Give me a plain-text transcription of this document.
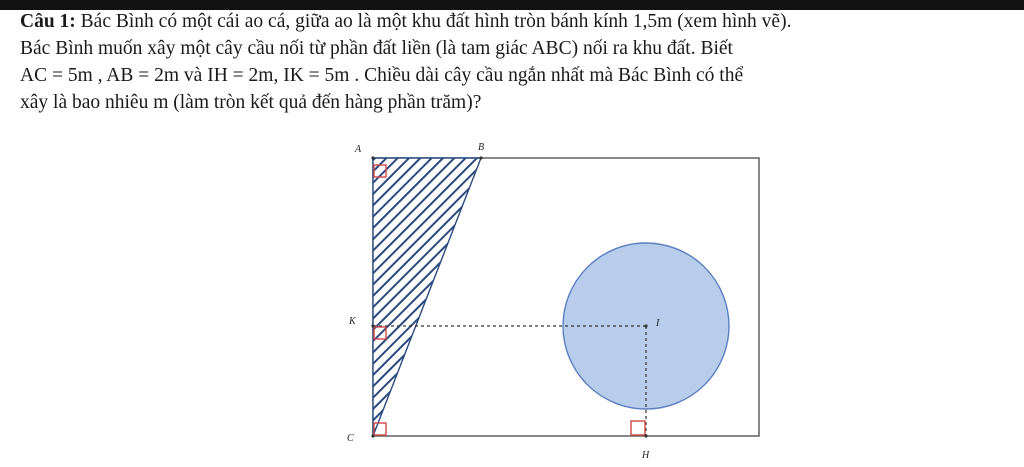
Câu 1: Bác Bình có một cái ao cá, giữa ao là một khu đất hình tròn bánh kính 1,5m (xem hình vẽ).

Bác Bình muốn xây một cây cầu nối từ phần đất liền (là tam giác ABC) nối ra khu đất. Biết

AC = 5m , AB = 2m và IH = 2m, IK = 5m . Chiều dài cây cầu ngắn nhất mà Bác Bình có thể

xây là bao nhiêu m (làm tròn kết quả đến hàng phần trăm)?

A	B
K	I
C
H
